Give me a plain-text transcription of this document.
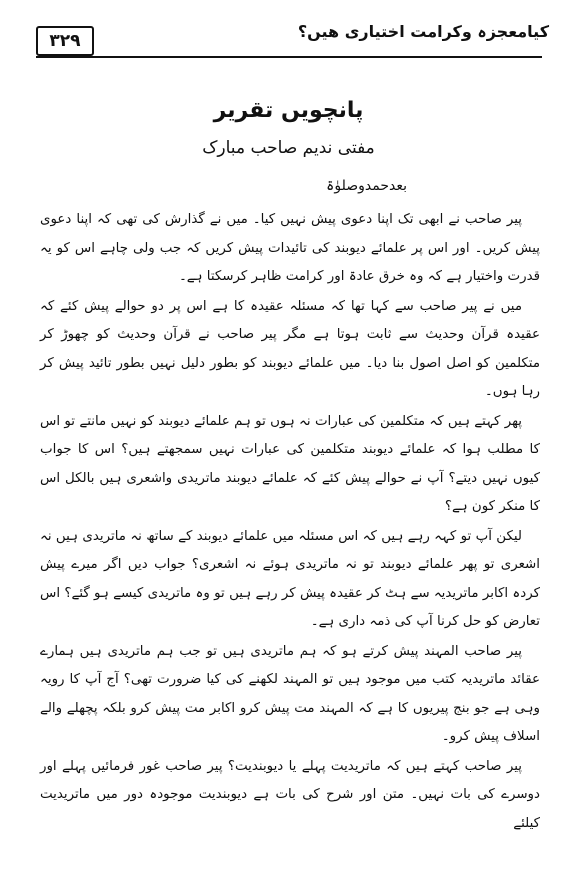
۳۲۹	کیامعجزہ وکرامت اختیاری ھیں؟
پانچویں تقریر
مفتی ندیم صاحب مبارک
بعدحمدوصلوٰۃ

پیر صاحب نے ابھی تک اپنا دعوی پیش نہیں کیا۔ میں نے گذارش کی تھی کہ اپنا دعوی پیش کریں۔ اور اس پر علمائے دیوبند کی تائیدات پیش کریں کہ جب ولی چاہے اس کو یہ قدرت واختیار ہے کہ وہ خرق عادۃ اور کرامت ظاہر کرسکتا ہے۔

میں نے پیر صاحب سے کہا تھا کہ مسئلہ عقیدہ کا ہے اس پر دو حوالے پیش کئے کہ عقیدہ قرآن وحدیث سے ثابت ہوتا ہے مگر پیر صاحب نے قرآن وحدیث کو چھوڑ کر متکلمین کو اصل اصول بنا دیا۔ میں علمائے دیوبند کو بطور دلیل نہیں بطور تائید پیش کر رہا ہوں۔

پھر کہتے ہیں کہ متکلمین کی عبارات نہ ہوں تو ہم علمائے دیوبند کو نہیں مانتے تو اس کا مطلب ہوا کہ علمائے دیوبند متکلمین کی عبارات نہیں سمجھتے ہیں؟ اس کا جواب کیوں نہیں دیتے؟ آپ نے حوالے پیش کئے کہ علمائے دیوبند ماتریدی واشعری ہیں بالکل اس کا منکر کون ہے؟

لیکن آپ تو کہہ رہے ہیں کہ اس مسئلہ میں علمائے دیوبند کے ساتھ نہ ماتریدی ہیں نہ اشعری تو پھر علمائے دیوبند تو نہ ماتریدی ہوئے نہ اشعری؟ جواب دیں اگر میرے پیش کردہ اکابر ماتریدیہ سے ہٹ کر عقیدہ پیش کر رہے ہیں تو وہ ماتریدی کیسے ہو گئے؟ اس تعارض کو حل کرنا آپ کی ذمہ داری ہے۔

پیر صاحب المہند پیش کرتے ہو کہ ہم ماتریدی ہیں تو جب ہم ماتریدی ہیں ہمارے عقائد ماتریدیہ کتب میں موجود ہیں تو المہند لکھنے کی کیا ضرورت تھی؟ آج آپ کا رویہ وہی ہے جو بنج پیریوں کا ہے کہ المہند مت پیش کرو اکابر مت پیش کرو بلکہ پچھلے والے اسلاف پیش کرو۔

پیر صاحب کہتے ہیں کہ ماتریدیت پہلے یا دیوبندیت؟ پیر صاحب غور فرمائیں پہلے اور دوسرے کی بات نہیں۔ متن اور شرح کی بات ہے دیوبندیت موجودہ دور میں ماتریدیت کیلئے
